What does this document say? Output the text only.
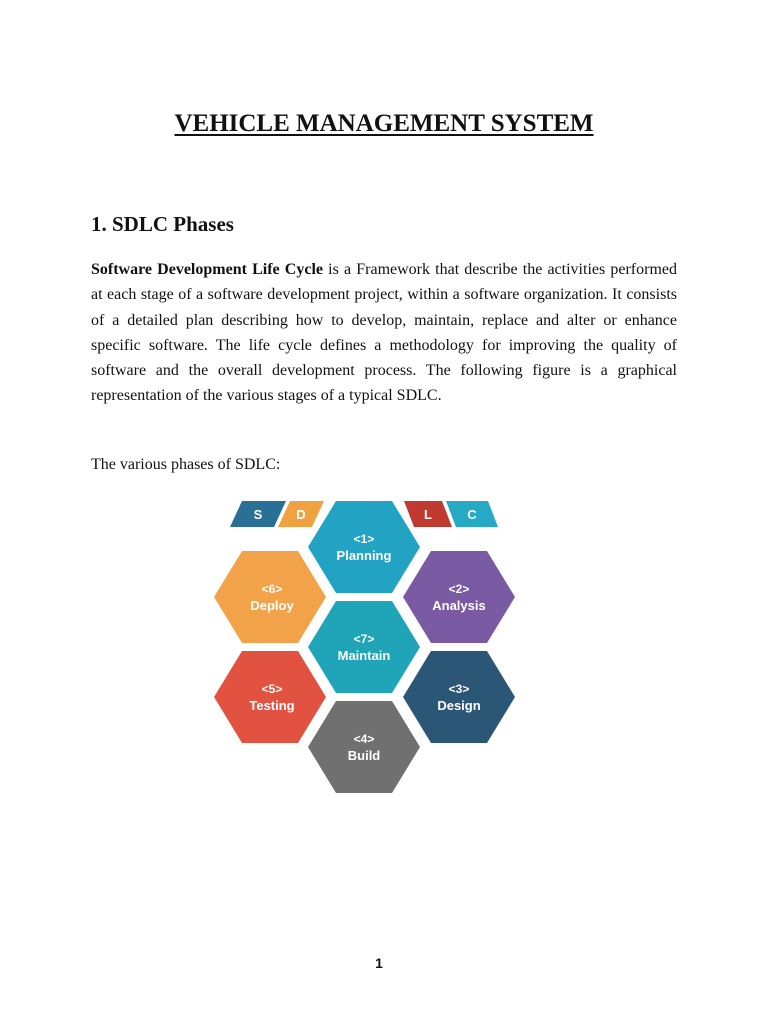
VEHICLE MANAGEMENT SYSTEM
1. SDLC Phases

Software Development Life Cycle is a Framework that describe the activities performed at each stage of a software development project, within a software organization. It consists of a detailed plan describing how to develop, maintain, replace and alter or enhance specific software. The life cycle defines a methodology for improving the quality of software and the overall development process. The following figure is a graphical representation of the various stages of a typical SDLC.

The various phases of SDLC:

S	D	L	C
<1>
Planning
<2>
Analysis
<3>
Design
<4>
Build
<5>
Testing
<6>
Deploy
<7>
Maintain
1
